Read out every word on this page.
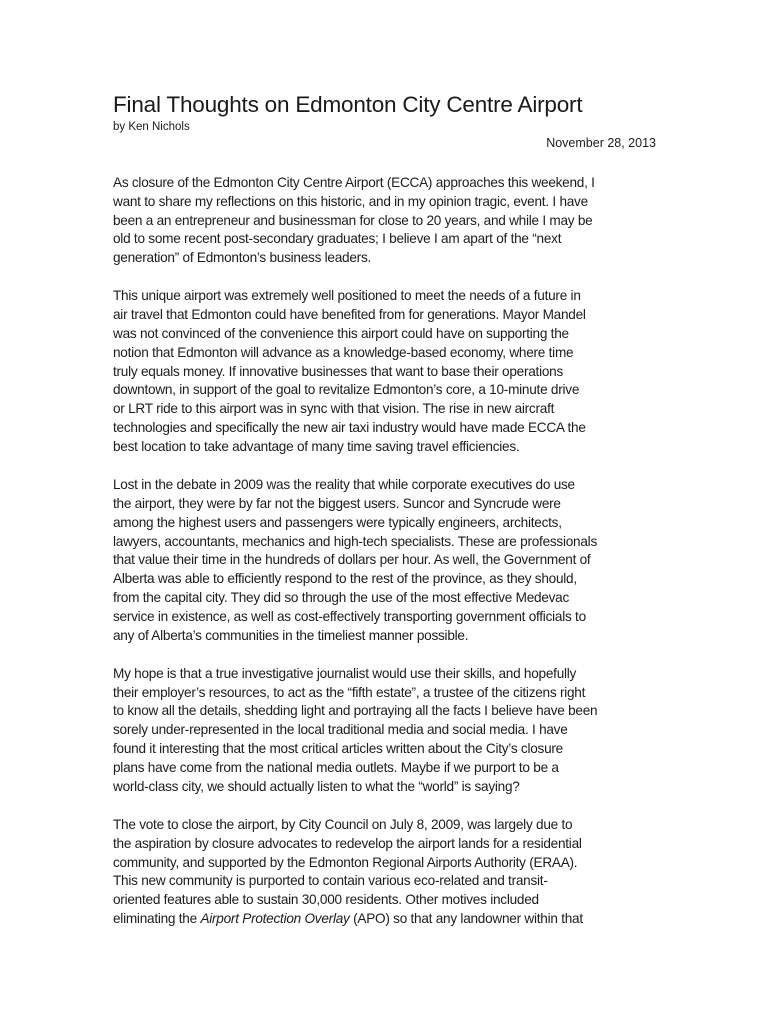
Final Thoughts on Edmonton City Centre Airport
by Ken Nichols
November 28, 2013

As closure of the Edmonton City Centre Airport (ECCA) approaches this weekend, I
want to share my reflections on this historic, and in my opinion tragic, event. I have
been a an entrepreneur and businessman for close to 20 years, and while I may be
old to some recent post-secondary graduates; I believe I am apart of the “next
generation” of Edmonton’s business leaders.

This unique airport was extremely well positioned to meet the needs of a future in
air travel that Edmonton could have benefited from for generations. Mayor Mandel
was not convinced of the convenience this airport could have on supporting the
notion that Edmonton will advance as a knowledge-based economy, where time
truly equals money. If innovative businesses that want to base their operations
downtown, in support of the goal to revitalize Edmonton’s core, a 10-minute drive
or LRT ride to this airport was in sync with that vision. The rise in new aircraft
technologies and specifically the new air taxi industry would have made ECCA the
best location to take advantage of many time saving travel efficiencies.

Lost in the debate in 2009 was the reality that while corporate executives do use
the airport, they were by far not the biggest users. Suncor and Syncrude were
among the highest users and passengers were typically engineers, architects,
lawyers, accountants, mechanics and high-tech specialists. These are professionals
that value their time in the hundreds of dollars per hour. As well, the Government of
Alberta was able to efficiently respond to the rest of the province, as they should,
from the capital city. They did so through the use of the most effective Medevac
service in existence, as well as cost-effectively transporting government officials to
any of Alberta’s communities in the timeliest manner possible.

My hope is that a true investigative journalist would use their skills, and hopefully
their employer’s resources, to act as the “fifth estate”, a trustee of the citizens right
to know all the details, shedding light and portraying all the facts I believe have been
sorely under-represented in the local traditional media and social media. I have
found it interesting that the most critical articles written about the City’s closure
plans have come from the national media outlets. Maybe if we purport to be a
world-class city, we should actually listen to what the “world” is saying?

The vote to close the airport, by City Council on July 8, 2009, was largely due to
the aspiration by closure advocates to redevelop the airport lands for a residential
community, and supported by the Edmonton Regional Airports Authority (ERAA).
This new community is purported to contain various eco-related and transit-
oriented features able to sustain 30,000 residents. Other motives included
eliminating the Airport Protection Overlay (APO) so that any landowner within that
